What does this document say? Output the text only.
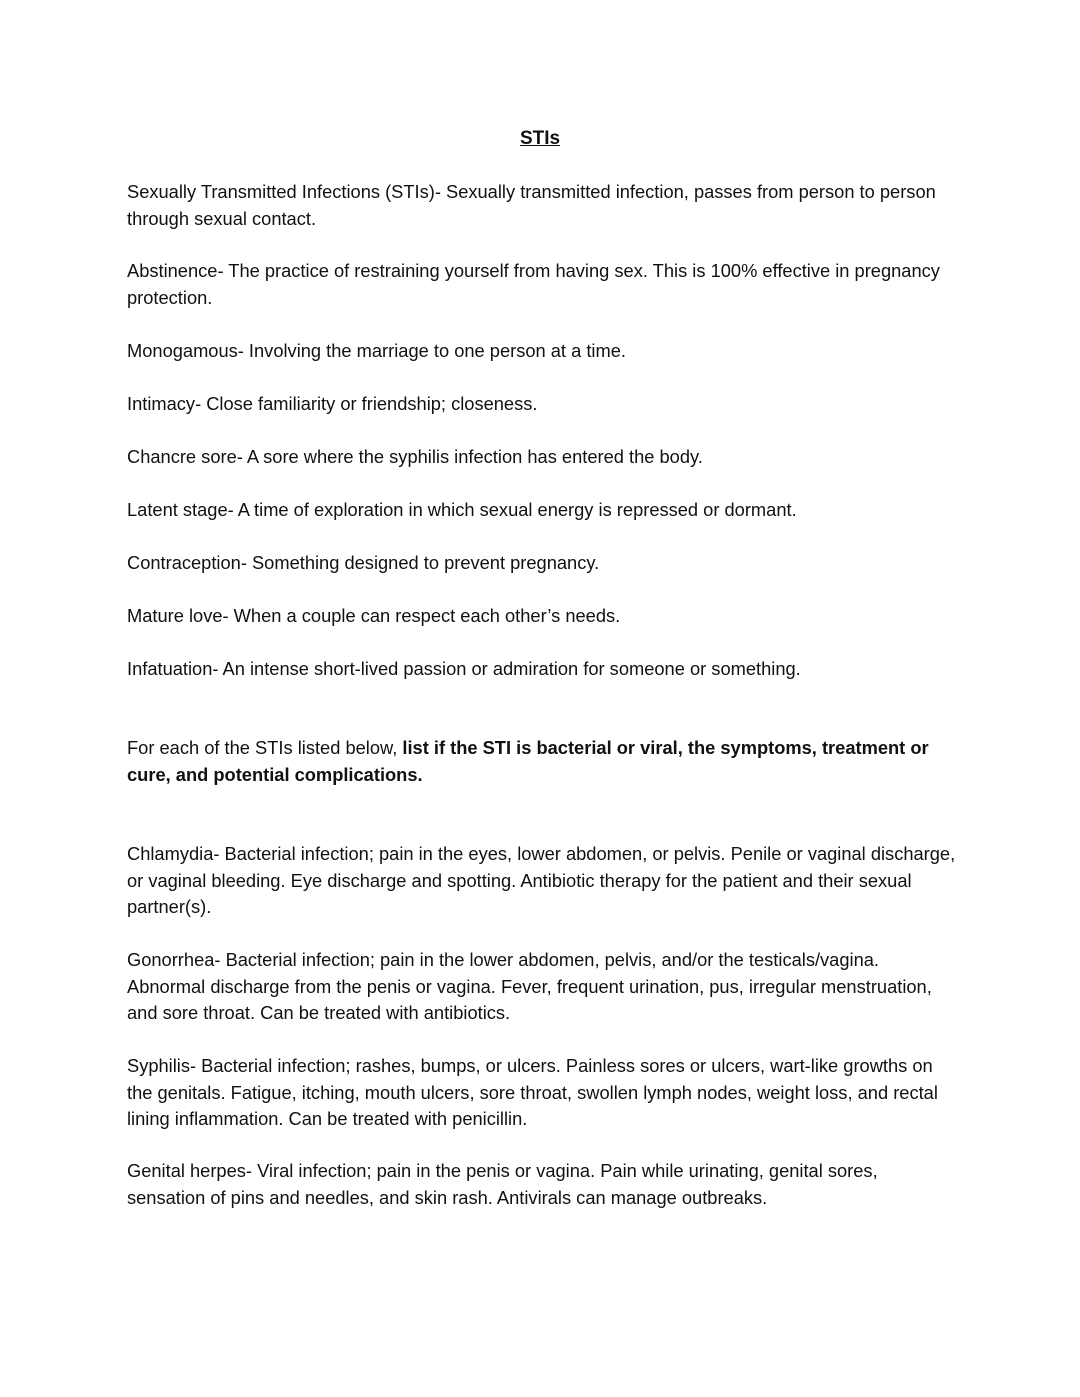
STIs

Sexually Transmitted Infections (STIs)- Sexually transmitted infection, passes from person to person through sexual contact.

Abstinence- The practice of restraining yourself from having sex. This is 100% effective in pregnancy protection.

Monogamous- Involving the marriage to one person at a time.

Intimacy- Close familiarity or friendship; closeness.

Chancre sore- A sore where the syphilis infection has entered the body.

Latent stage- A time of exploration in which sexual energy is repressed or dormant.

Contraception- Something designed to prevent pregnancy.

Mature love- When a couple can respect each other’s needs.

Infatuation- An intense short-lived passion or admiration for someone or something.

For each of the STIs listed below, list if the STI is bacterial or viral, the symptoms, treatment or cure, and potential complications.

Chlamydia- Bacterial infection; pain in the eyes, lower abdomen, or pelvis. Penile or vaginal discharge, or vaginal bleeding. Eye discharge and spotting. Antibiotic therapy for the patient and their sexual partner(s).

Gonorrhea- Bacterial infection; pain in the lower abdomen, pelvis, and/or the testicals/vagina. Abnormal discharge from the penis or vagina. Fever, frequent urination, pus, irregular menstruation, and sore throat. Can be treated with antibiotics.

Syphilis- Bacterial infection; rashes, bumps, or ulcers. Painless sores or ulcers, wart-like growths on the genitals. Fatigue, itching, mouth ulcers, sore throat, swollen lymph nodes, weight loss, and rectal lining inflammation. Can be treated with penicillin.

Genital herpes- Viral infection; pain in the penis or vagina. Pain while urinating, genital sores, sensation of pins and needles, and skin rash. Antivirals can manage outbreaks.
